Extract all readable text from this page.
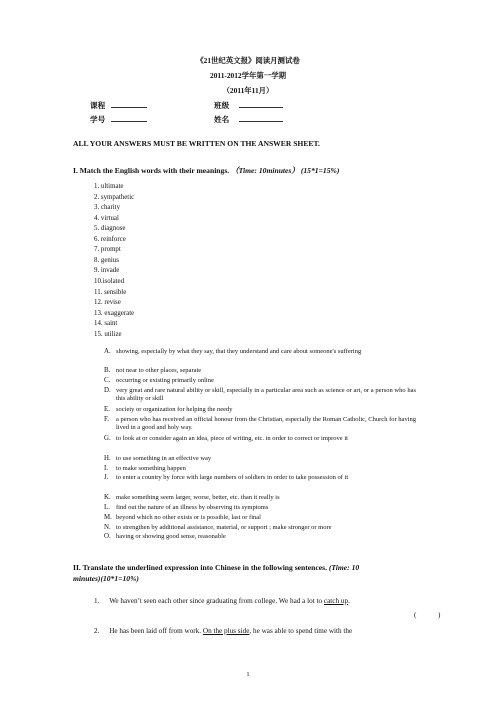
《21世纪英文报》阅读月测试卷
2011-2012学年第一学期
（2011年11月）
课程	班级
学号	姓名
ALL YOUR ANSWERS MUST BE WRITTEN ON THE ANSWER SHEET.
I. Match the English words with their meanings. （Time: 10minutes） (15*1=15%)
1. ultimate
2. sympathetic
3. charity
4. virtual
5. diagnose
6. reinforce
7. prompt
8. genius
9. invade
10.isolated
11. sensible
12. revise
13. exaggerate
14. saint
15. utilize
A. showing, especially by what they say, that they understand and care about someone's suffering
B. not near to other places, separate
C. occurring or existing primarily online
D. very great and rare natural ability or skill, especially in a particular area such as science or art, or a person who has this ability or skill
E. society or organization for helping the needy
F. a person who has received an official honour from the Christian, especially the Roman Catholic, Church for having lived in a good and holy way.
G. to look at or consider again an idea, piece of writing, etc. in order to correct or improve it
H. to use something in an effective way
I. to make something happen
J. to enter a country by force with large numbers of soldiers in order to take possession of it
K. make something seem larger, worse, better, etc. than it really is
L. find out the nature of an illness by observing its symptoms
M. beyond which no other exists or is possible, last or final
N. to strengthen by additional assistance, material, or support ; make stronger or more
O. having or showing good sense, reasonable
II. Translate the underlined expression into Chinese in the following sentences. (Time: 10
minutes)(10*1=10%)
1. We haven’t seen each other since graduating from college. We had a lot to catch up.
(	)
2. He has been laid off from work. On the plus side, he was able to spend time with the
1
